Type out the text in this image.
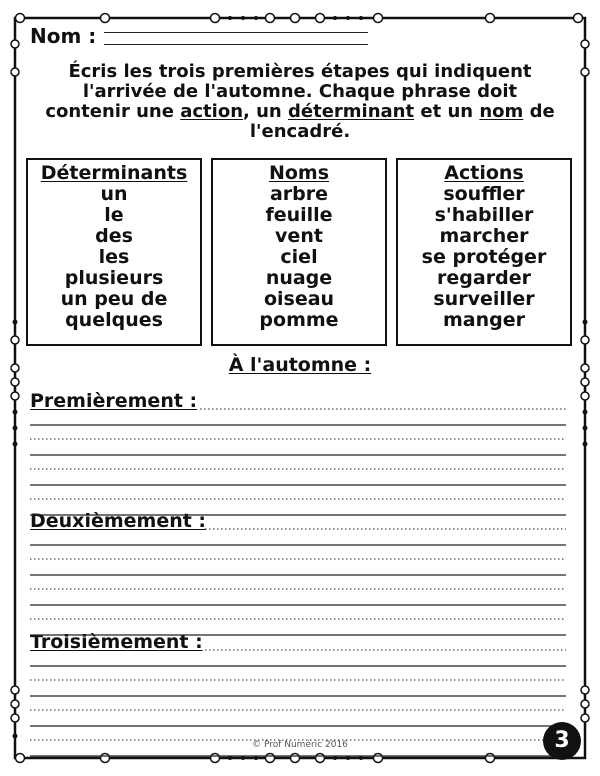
Nom :
Écris les trois premières étapes qui indiquent
l'arrivée de l'automne. Chaque phrase doit
contenir une action, un déterminant et un nom de
l'encadré.
Déterminants
un
le
des
les
plusieurs
un peu de
quelques
Noms
arbre
feuille
vent
ciel
nuage
oiseau
pomme
Actions
souffler
s'habiller
marcher
se protéger
regarder
surveiller
manger
À l'automne :
Premièrement :
Deuxièmement :
Troisièmement :
© Prof Numéric 2016	3
